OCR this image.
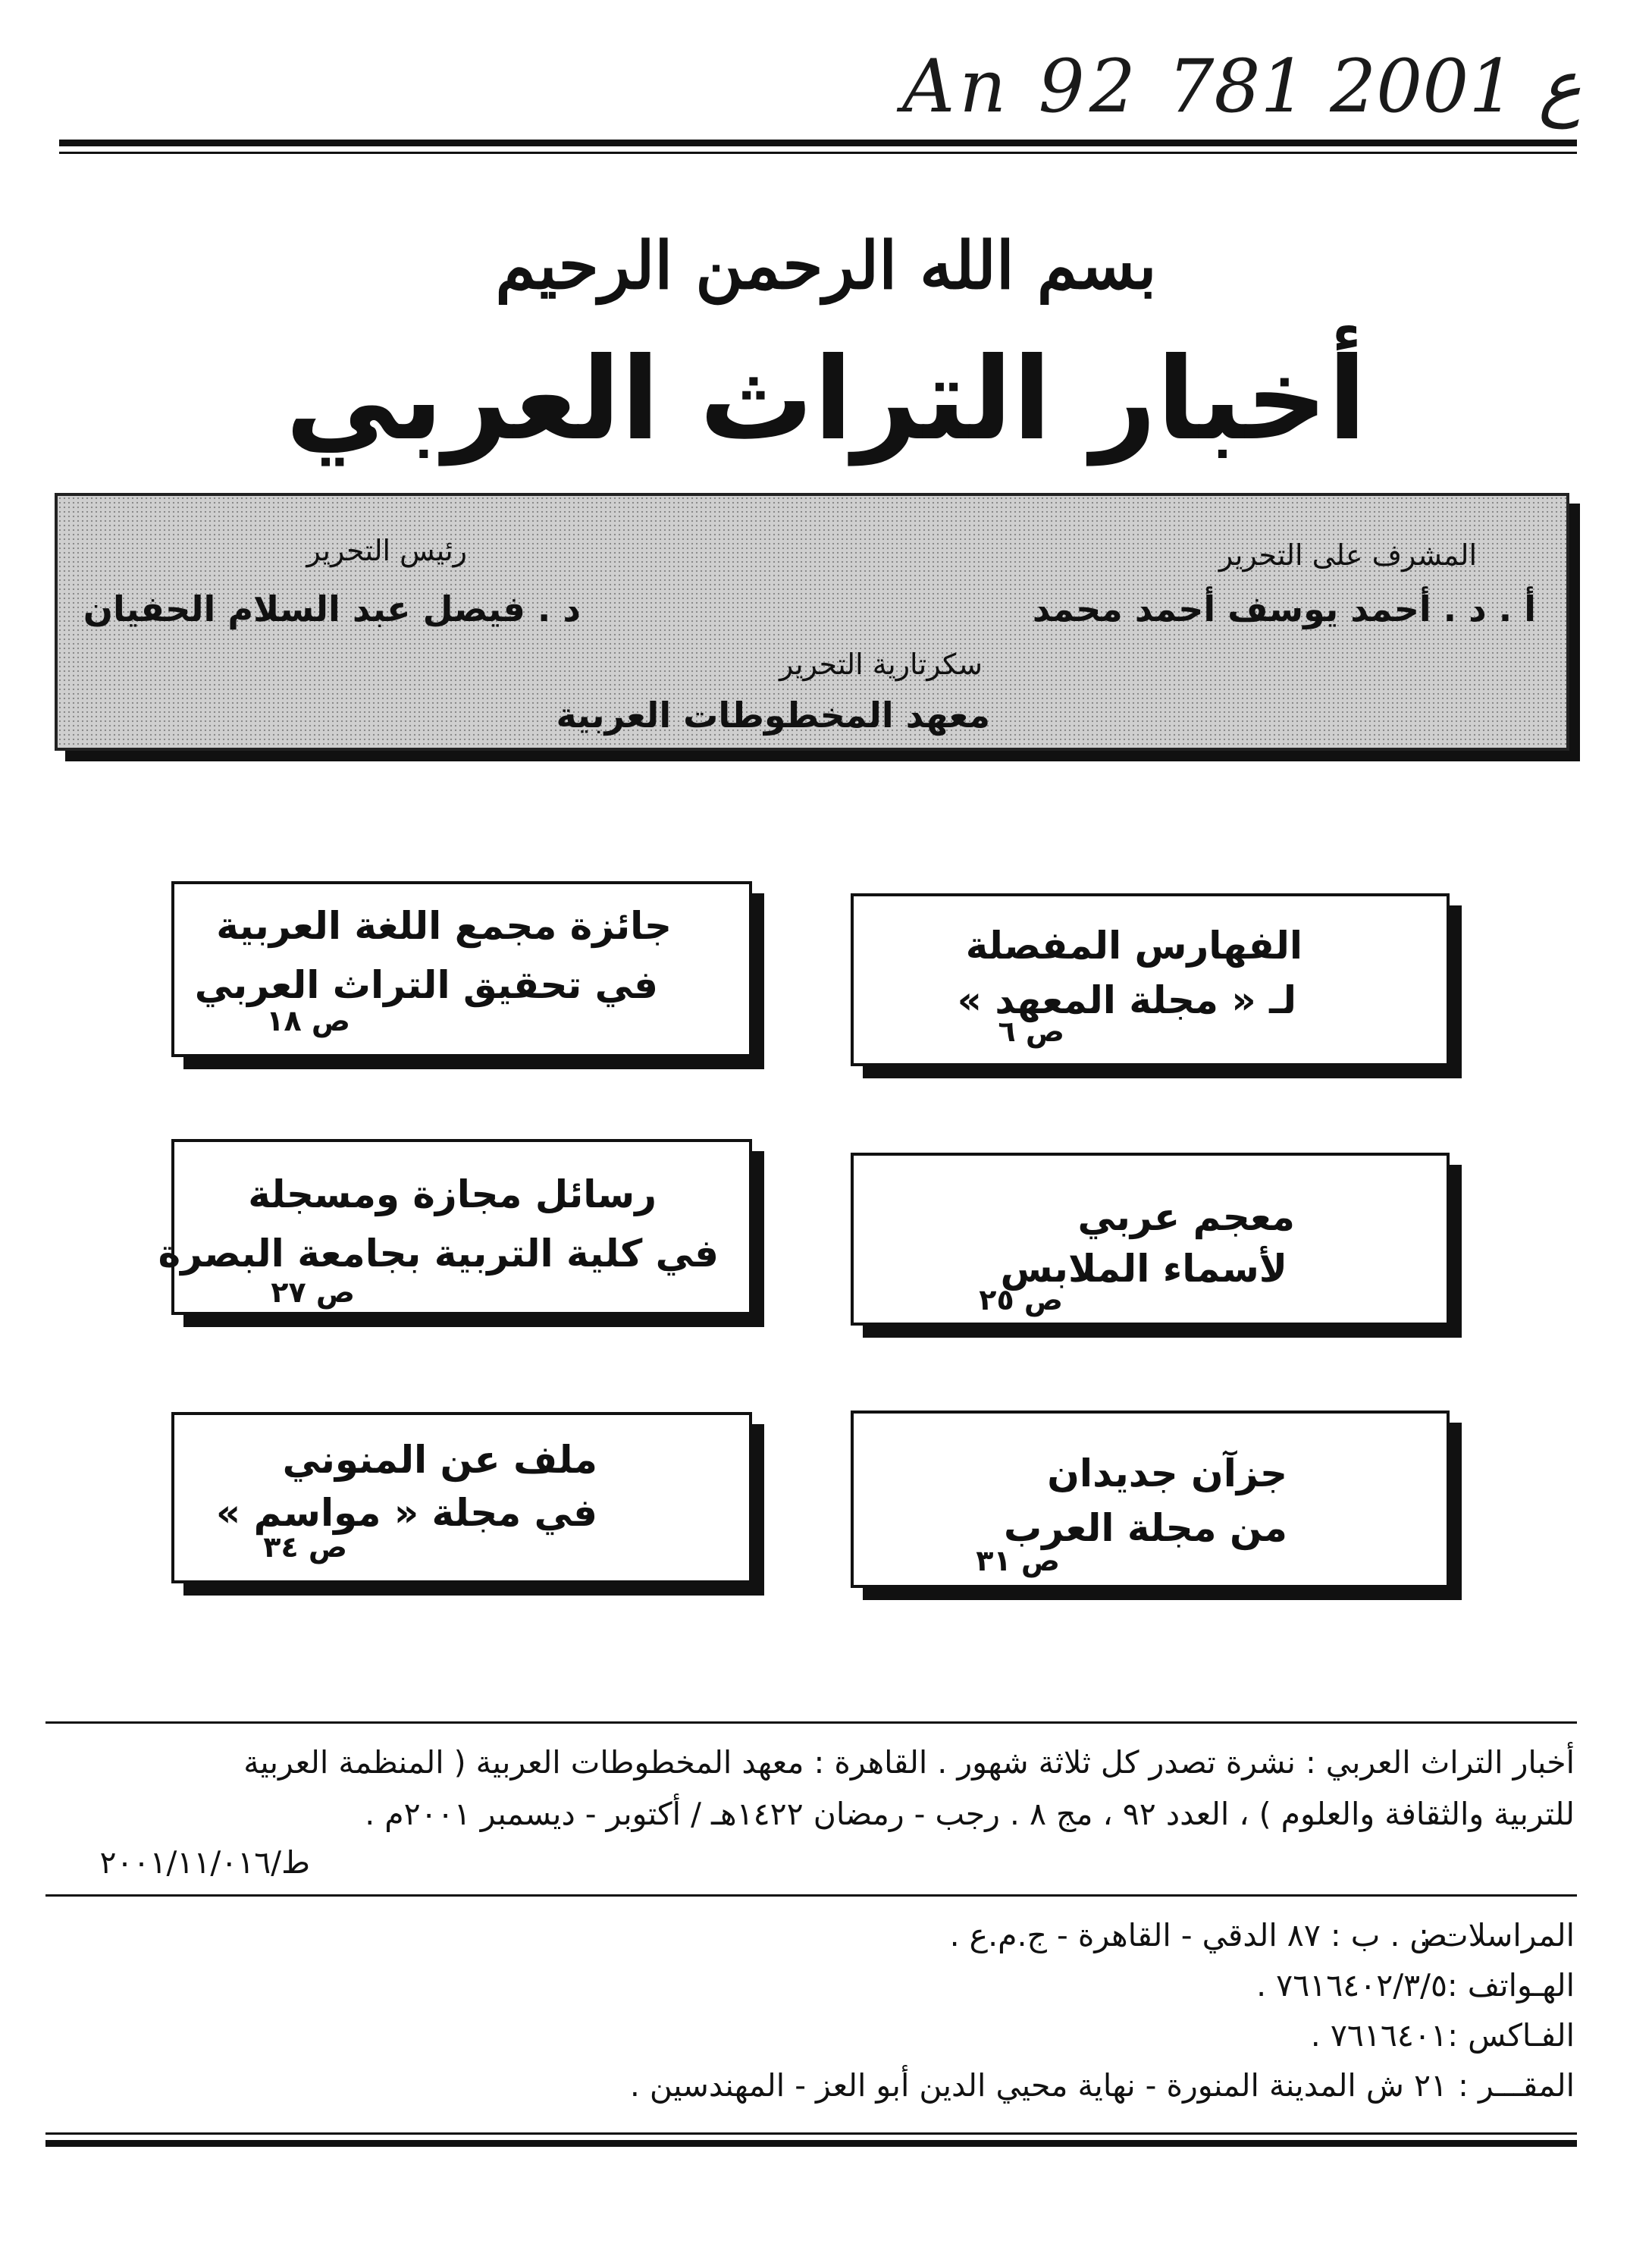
An 92 ع 2001 781
بسم الله الرحمن الرحيم
أخبار التراث العربي
المشرف على التحرير
أ . د . أحمد يوسف أحمد محمد
رئيس التحرير
د . فيصل عبد السلام الحفيان
سكرتارية التحرير
معهد المخطوطات العربية
الفهارس المفصلة
لـ « مجلة المعهد »
ص ٦
جائزة مجمع اللغة العربية
في تحقيق التراث العربي
ص ١٨
معجم عربي
لأسماء الملابس
ص ٢٥
رسائل مجازة ومسجلة
في كلية التربية بجامعة البصرة
ص ٢٧
جزآن جديدان
من مجلة العرب
ص ٣١
ملف عن المنوني
في مجلة « مواسم »
ص ٣٤
أخبار التراث العربي : نشرة تصدر كل ثلاثة شهور . القاهرة : معهد المخطوطات العربية ( المنظمة العربية
للتربية والثقافة والعلوم ) ، العدد ٩٢ ، مج ٨ . رجب - رمضان ١٤٢٢هـ / أكتوبر - ديسمبر ٢٠٠١م .
ط/٢٠٠١/١١/٠١٦
المراسلات :
ص . ب : ٨٧ الدقي - القاهرة - ج.م.ع .
الهـواتف :
٧٦١٦٤٠٢/٣/٥ .
الفـاكس :
٧٦١٦٤٠١ .
المقـــر :
٢١ ش المدينة المنورة - نهاية محيي الدين أبو العز - المهندسين .
